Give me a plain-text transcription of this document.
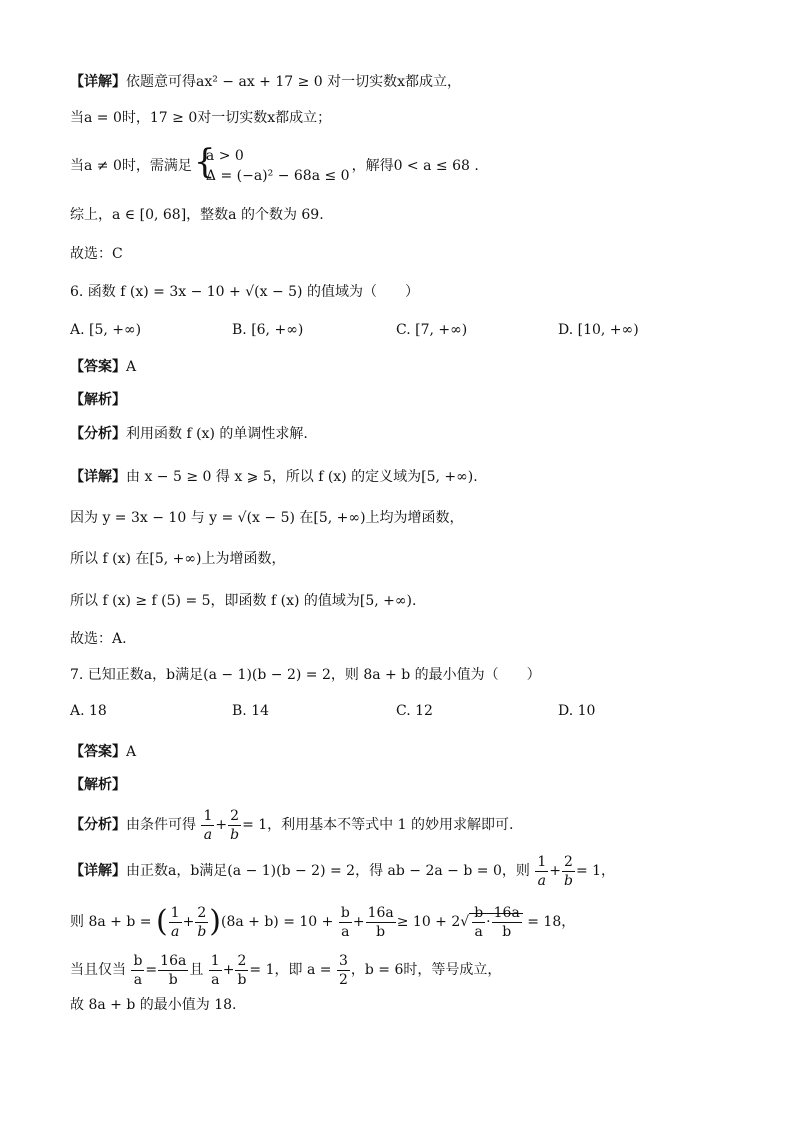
【详解】依题意可得ax² − ax + 17 ≥ 0 对一切实数x都成立，
当a = 0时，17 ≥ 0对一切实数x都成立；
当a ≠ 0时，需满足 {
a > 0
Δ = (−a)² − 68a ≤ 0
，解得0 < a ≤ 68 .
综上，a ∈ [0, 68]，整数a 的个数为 69.
故选：C
6. 函数 f (x) = 3x − 10 + √(x − 5) 的值域为（　　）
A. [5, +∞)	B. [6, +∞)	C. [7, +∞)	D. [10, +∞)
【答案】A
【解析】
【分析】利用函数 f (x) 的单调性求解.
【详解】由 x − 5 ≥ 0 得 x ⩾ 5，所以 f (x) 的定义域为[5, +∞).
因为 y = 3x − 10 与 y = √(x − 5) 在[5, +∞)上均为增函数，
所以 f (x) 在[5, +∞)上为增函数，
所以 f (x) ≥ f (5) = 5，即函数 f (x) 的值域为[5, +∞).
故选：A.
7. 已知正数a，b满足(a − 1)(b − 2) = 2，则 8a + b 的最小值为（　　）
A. 18	B. 14	C. 12	D. 10
【答案】A
【解析】
【分析】由条件可得 $\frac{1}{a} + \frac{2}{b} = 1$，利用基本不等式中 1 的妙用求解即可.
【详解】由正数a，b满足(a − 1)(b − 2) = 2，得 ab − 2a − b = 0，则 $\frac{1}{a} + \frac{2}{b} = 1$，
则 8a + b = ( $\frac{1}{a} + \frac{2}{b} )(8a + b) = 10 + \frac{b}{a} + \frac{16a}{b} \ge 10 + 2√ \frac{b}{a} \cdot \frac{16a}{b} = 18$，
当且仅当 $\frac{b}{a} = \frac{16a}{b}$ 且 $\frac{1}{a} + \frac{2}{b} = 1$，即 $a = \frac{3}{2}$ ，b = 6时，等号成立，
故 8a + b 的最小值为 18.
